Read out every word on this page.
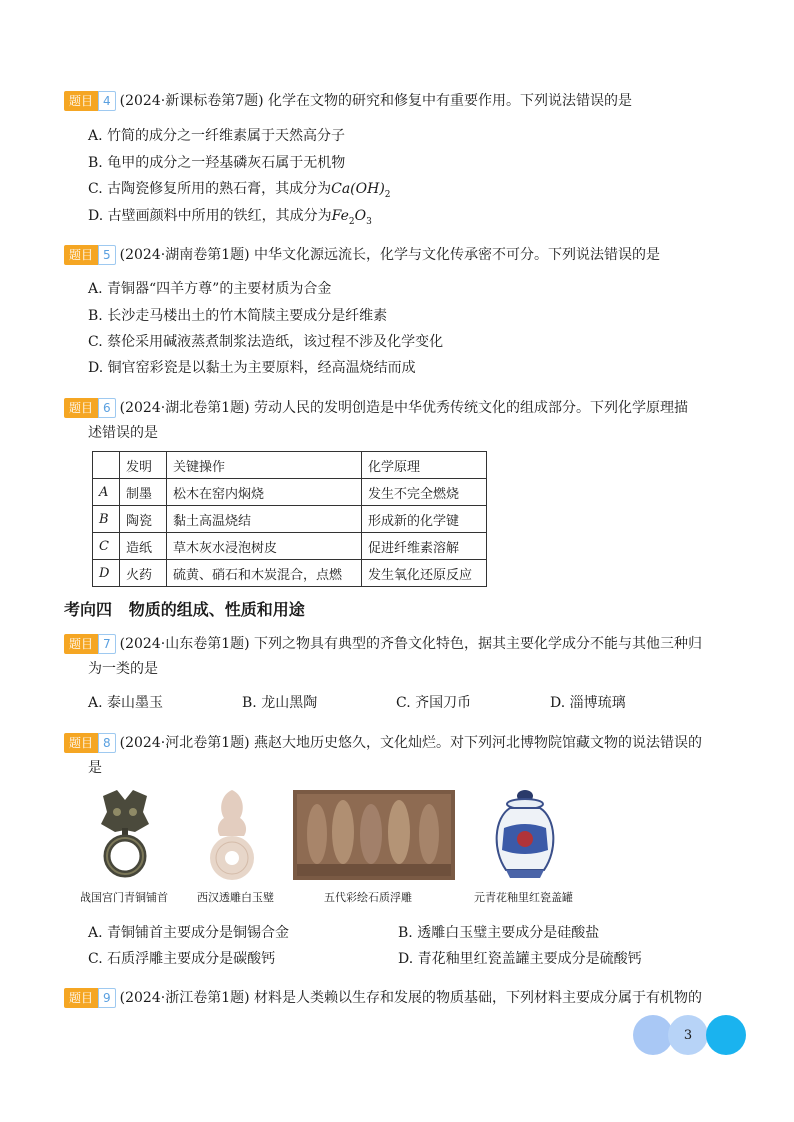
题目 4 (2024·新课标卷第7题) 化学在文物的研究和修复中有重要作用。下列说法错误的是
A. 竹简的成分之一纤维素属于天然高分子
B. 龟甲的成分之一羟基磷灰石属于无机物
C. 古陶瓷修复所用的熟石膏，其成分为$Ca(OH)_2$
D. 古壁画颜料中所用的铁红，其成分为$Fe_2O_3$
题目 5 (2024·湖南卷第1题) 中华文化源远流长，化学与文化传承密不可分。下列说法错误的是
A. 青铜器“四羊方尊”的主要材质为合金
B. 长沙走马楼出土的竹木简牍主要成分是纤维素
C. 蔡伦采用碱液蒸煮制浆法造纸，该过程不涉及化学变化
D. 铜官窑彩瓷是以黏土为主要原料，经高温烧结而成
题目 6 (2024·湖北卷第1题) 劳动人民的发明创造是中华优秀传统文化的组成部分。下列化学原理描
述错误的是
	发明	关键操作	化学原理
A	制墨	松木在窑内焖烧	发生不完全燃烧
B	陶瓷	黏土高温烧结	形成新的化学键
C	造纸	草木灰水浸泡树皮	促进纤维素溶解
D	火药	硫黄、硝石和木炭混合，点燃	发生氧化还原反应
考向四   物质的组成、性质和用途
题目 7 (2024·山东卷第1题) 下列之物具有典型的齐鲁文化特色，据其主要化学成分不能与其他三种归
为一类的是
A. 泰山墨玉	B. 龙山黑陶	C. 齐国刀币	D. 淄博琉璃
题目 8 (2024·河北卷第1题) 燕赵大地历史悠久，文化灿烂。对下列河北博物院馆藏文物的说法错误的
是
战国宫门青铜铺首	西汉透雕白玉璧	五代彩绘石质浮雕	元青花釉里红瓷盖罐
A. 青铜铺首主要成分是铜锡合金	B. 透雕白玉璧主要成分是硅酸盐
C. 石质浮雕主要成分是碳酸钙	D. 青花釉里红瓷盖罐主要成分是硫酸钙
题目 9 (2024·浙江卷第1题) 材料是人类赖以生存和发展的物质基础，下列材料主要成分属于有机物的
3
